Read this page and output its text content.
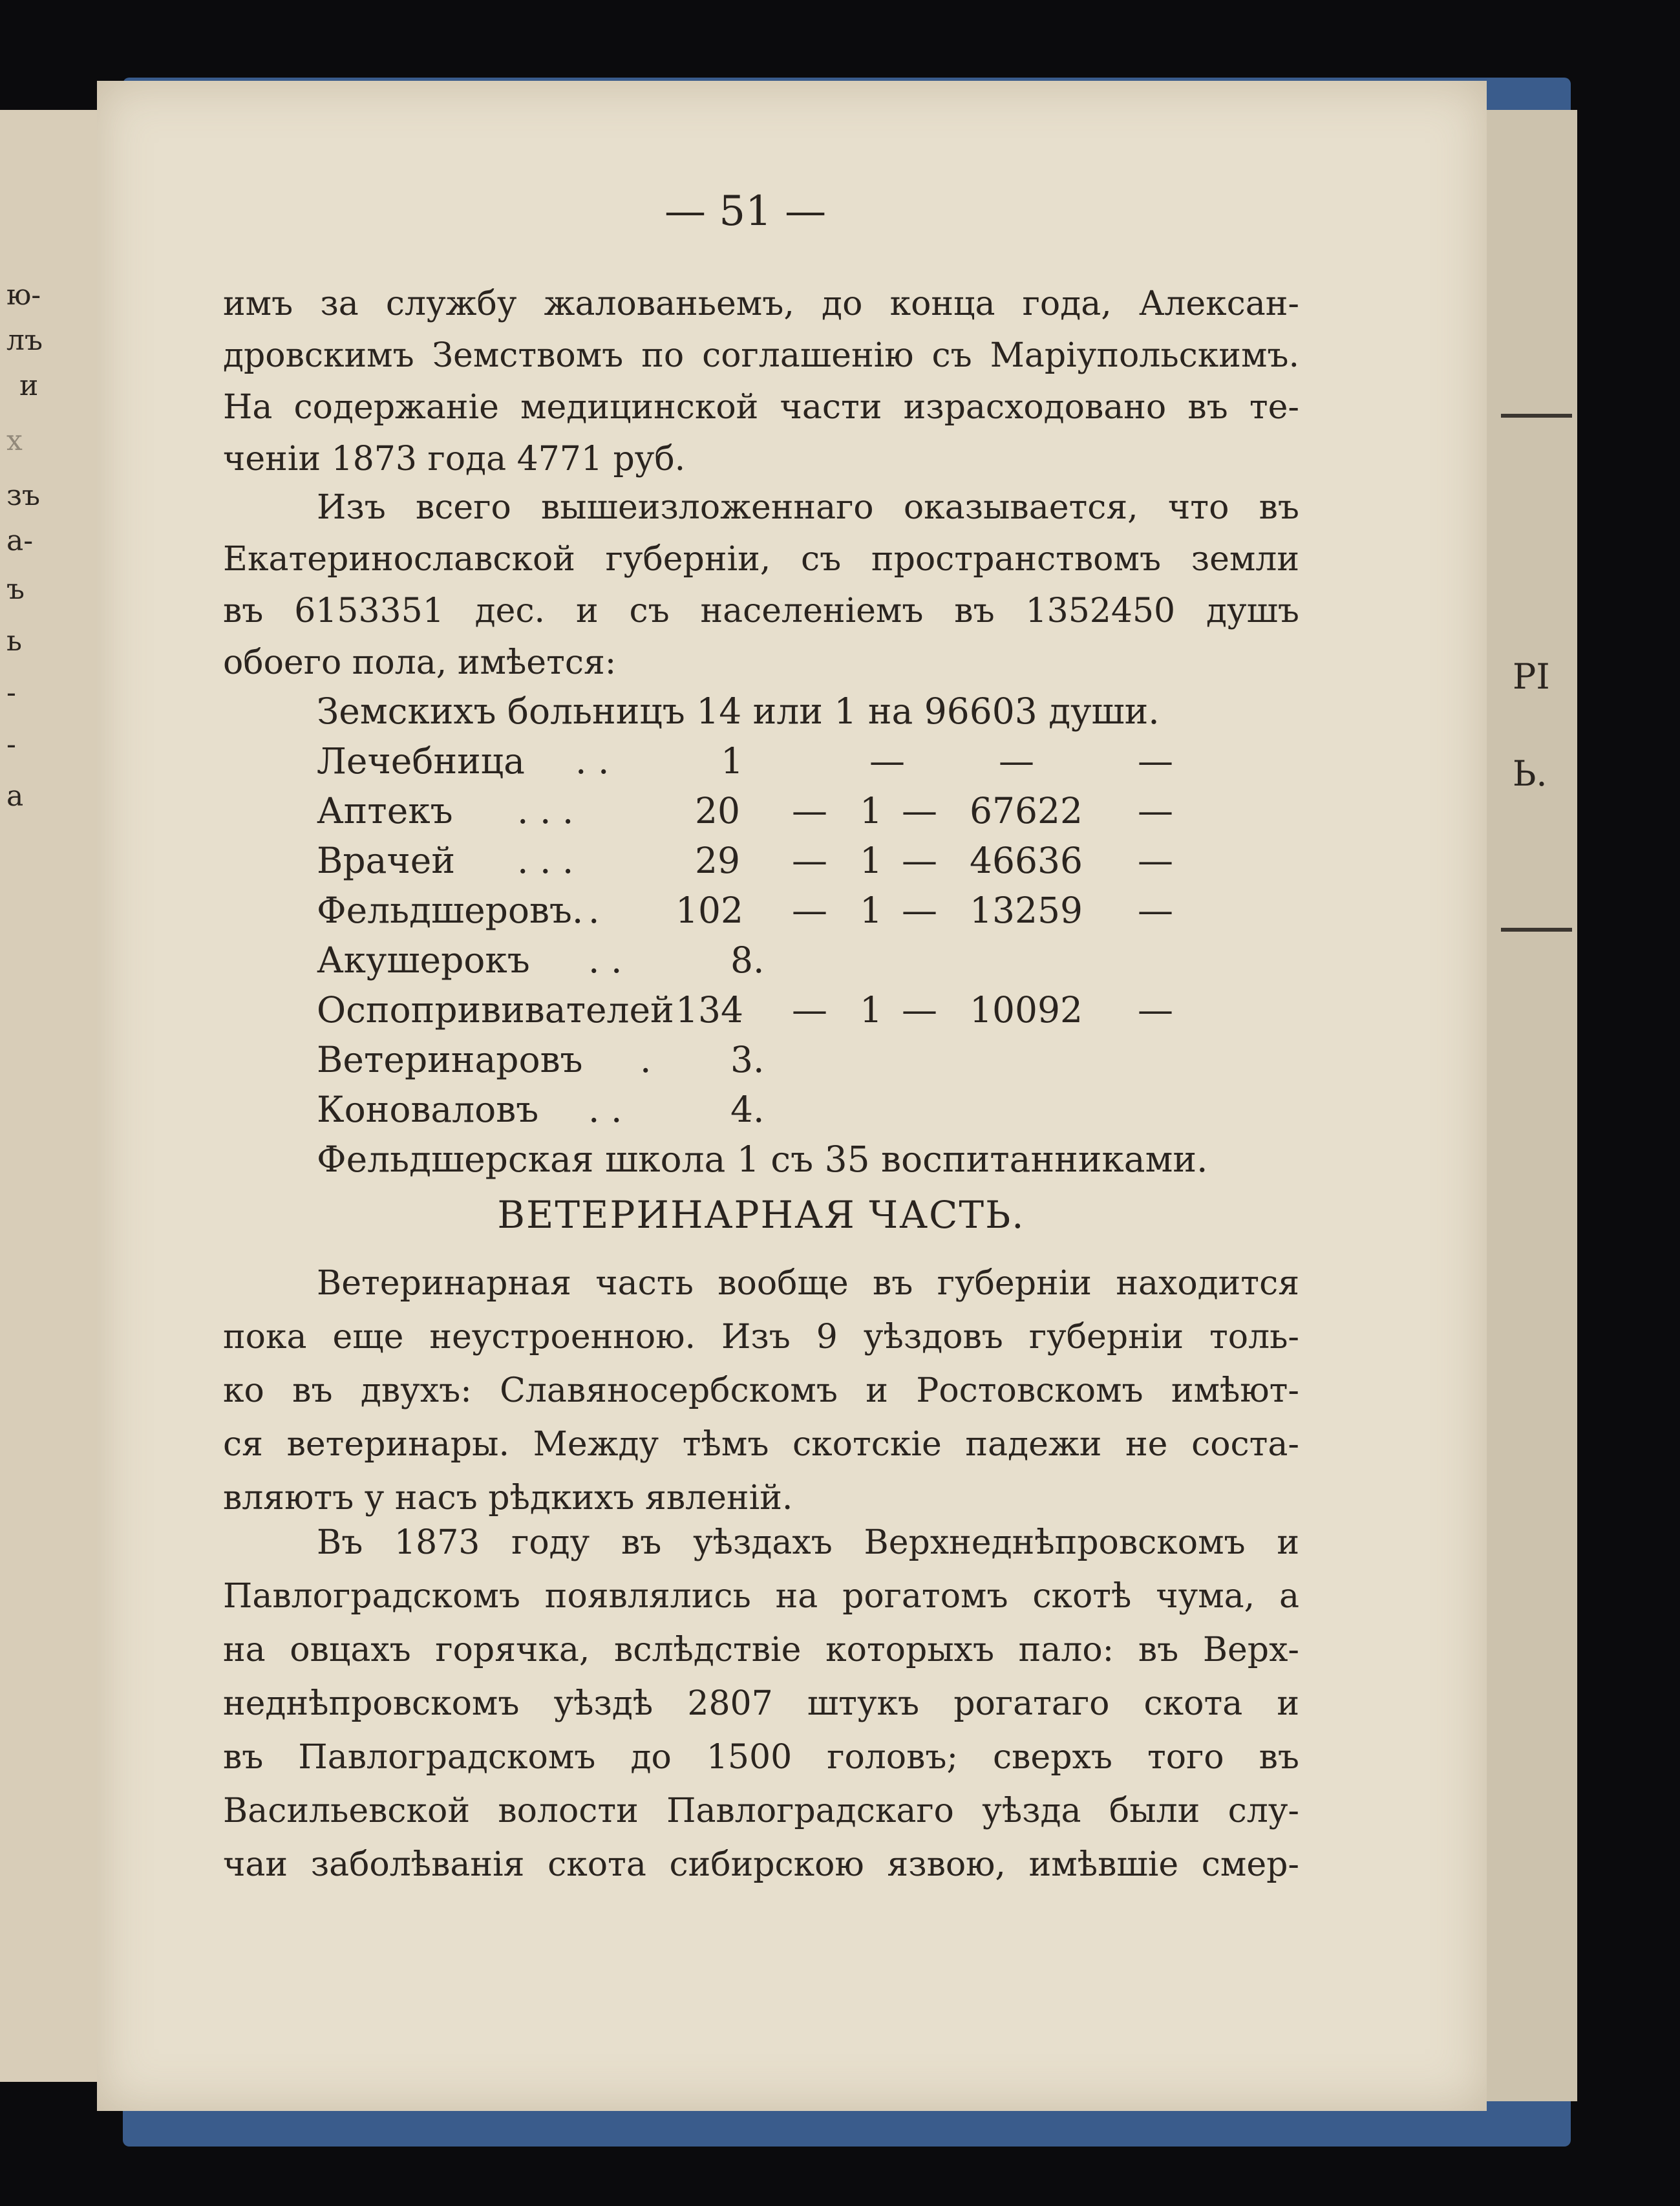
ю-
лъ
и
х
зъ
а-
ъ
ь
-
-
а
РІ
Ь.
— 51 —
имъ за службу жалованьемъ, до конца года, Алексан-
дровскимъ Земствомъ по соглашенію съ Маріупольскимъ.
На содержаніе медицинской части израсходовано въ те-
ченіи 1873 года 4771 руб.
Изъ всего вышеизложеннаго оказывается, что въ
Екатеринославской губерніи, съ пространствомъ земли
въ 6153351 дес. и съ населеніемъ въ 1352450 душъ
обоего пола, имѣется:
Земскихъ больницъ 14 или 1 на 96603 души.
Лечебница . .	1	—	—	—
Аптекъ . . .	20 — 1 — 67622 —
Врачей . . .	29 — 1 — 46636 —
Фельдшеровъ. . 102 — 1 — 13259 —
Акушерокъ . .	8.
Оспопрививателей 134 — 1 — 10092 —
Ветеринаровъ . 3.
Коноваловъ . .	4.
Фельдшерская школа 1 съ 35 воспитанниками.
ВЕТЕРИНАРНАЯ ЧАСТЬ.
Ветеринарная часть вообще въ губерніи находится
пока еще неустроенною. Изъ 9 уѣздовъ губерніи толь-
ко въ двухъ: Славяносербскомъ и Ростовскомъ имѣют-
ся ветеринары. Между тѣмъ скотскіе падежи не соста-
вляютъ у насъ рѣдкихъ явленій.
Въ 1873 году въ уѣздахъ Верхнеднѣпровскомъ и
Павлоградскомъ появлялись на рогатомъ скотѣ чума, а
на овцахъ горячка, вслѣдствіе которыхъ пало: въ Верх-
неднѣпровскомъ уѣздѣ 2807 штукъ рогатаго скота и
въ Павлоградскомъ до 1500 головъ; сверхъ того въ
Васильевской волости Павлоградскаго уѣзда были слу-
чаи заболѣванія скота сибирскою язвою, имѣвшіе смер-
